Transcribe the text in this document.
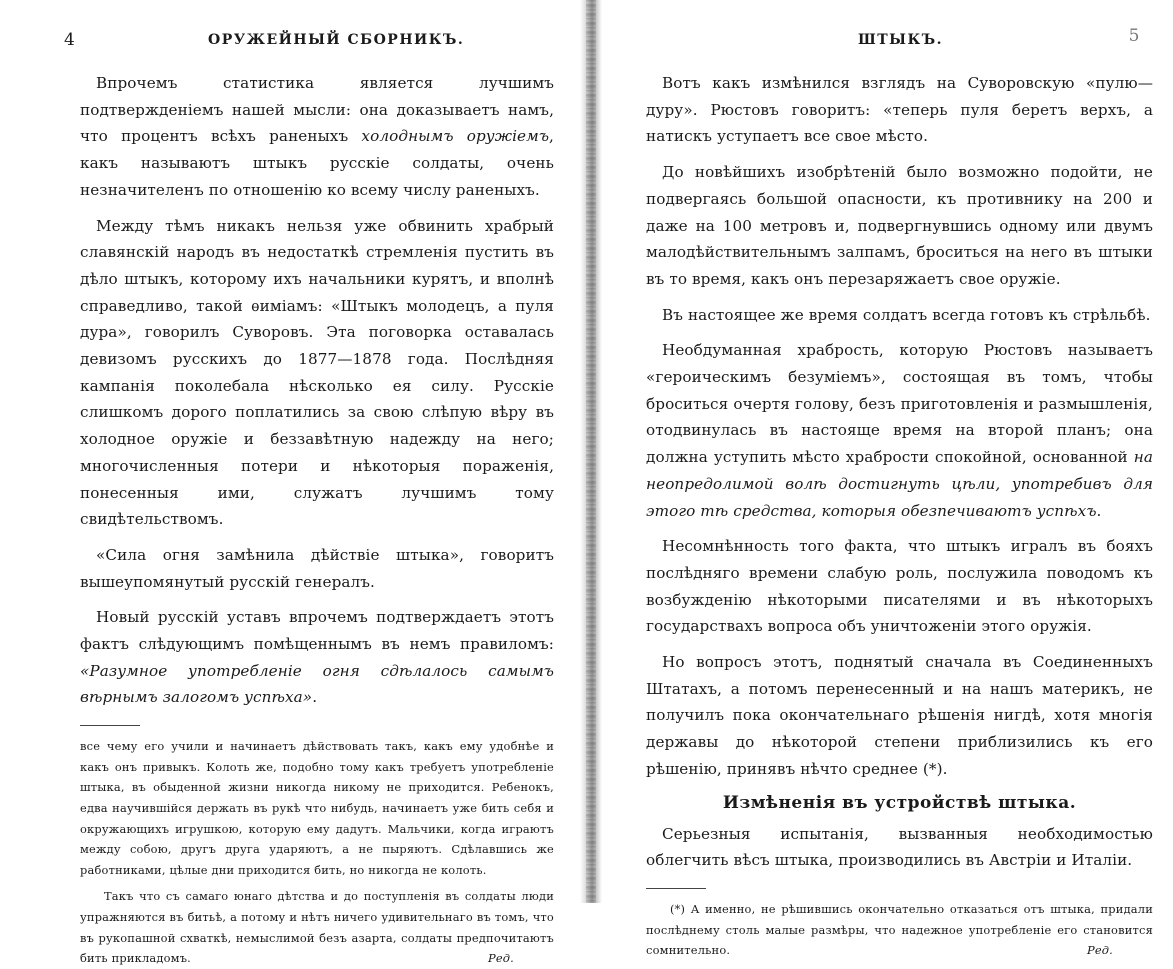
4	ОРУЖЕЙНЫЙ СБОРНИКЪ.

Впрочемъ статистика является лучшимъ подтвержденіемъ нашей мысли: она доказываетъ намъ, что процентъ всѣхъ раненыхъ холоднымъ оружіемъ, какъ называютъ штыкъ русскіе солдаты, очень незначителенъ по отношенію ко всему числу раненыхъ.

Между тѣмъ никакъ нельзя уже обвинить храбрый славянскій народъ въ недостаткѣ стремленія пустить въ дѣло штыкъ, которому ихъ начальники курятъ, и вполнѣ справедливо, такой ѳиміамъ: «Штыкъ молодецъ, а пуля дура», говорилъ Суворовъ. Эта поговорка оставалась девизомъ русскихъ до 1877—1878 года. Послѣдняя кампанія поколебала нѣсколько ея силу. Русскіе слишкомъ дорого поплатились за свою слѣпую вѣру въ холодное оружіе и беззавѣтную надежду на него; многочисленныя потери и нѣкоторыя пораженія, понесенныя ими, служатъ лучшимъ тому свидѣтельствомъ.

«Сила огня замѣнила дѣйствіе штыка», говоритъ вышеупомянутый русскій генералъ.

Новый русскій уставъ впрочемъ подтверждаетъ этотъ фактъ слѣдующимъ помѣщеннымъ въ немъ правиломъ: «Разумное употребленіе огня сдѣлалось самымъ вѣрнымъ залогомъ успѣха».

все чему его учили и начинаетъ дѣйствовать такъ, какъ ему удобнѣе и какъ онъ привыкъ. Колоть же, подобно тому какъ требуетъ употребленіе штыка, въ обыденной жизни никогда никому не приходится. Ребенокъ, едва научившійся держать въ рукѣ что нибудь, начинаетъ уже бить себя и окружающихъ игрушкою, которую ему дадутъ. Мальчики, когда играютъ между собою, другъ друга ударяютъ, а не пыряютъ. Сдѣлавшись же работниками, цѣлые дни приходится бить, но никогда не колоть.

Такъ что съ самаго юнаго дѣтства и до поступленія въ солдаты люди упражняются въ битьѣ, а потому и нѣтъ ничего удивительнаго въ томъ, что въ рукопашной схваткѣ, немыслимой безъ азарта, солдаты предпочитаютъ бить прикладомъ.	Ред.

ШТЫКЪ.	5

Вотъ какъ измѣнился взглядъ на Суворовскую «пулю—дуру». Рюстовъ говоритъ: «теперь пуля беретъ верхъ, а натискъ уступаетъ все свое мѣсто.

До новѣйшихъ изобрѣтеній было возможно подойти, не подвергаясь большой опасности, къ противнику на 200 и даже на 100 метровъ и, подвергнувшись одному или двумъ малодѣйствительнымъ залпамъ, броситься на него въ штыки въ то время, какъ онъ перезаряжаетъ свое оружіе.

Въ настоящее же время солдатъ всегда готовъ къ стрѣльбѣ.

Необдуманная храбрость, которую Рюстовъ называетъ «героическимъ безуміемъ», состоящая въ томъ, чтобы броситься очертя голову, безъ приготовленія и размышленія, отодвинулась въ настояще время на второй планъ; она должна уступить мѣсто храбрости спокойной, основанной на неопредолимой волѣ достигнуть цѣли, употребивъ для этого тѣ средства, которыя обезпечиваютъ успѣхъ.

Несомнѣнность того факта, что штыкъ игралъ въ бояхъ послѣдняго времени слабую роль, послужила поводомъ къ возбужденію нѣкоторыми писателями и въ нѣкоторыхъ государствахъ вопроса объ уничтоженіи этого оружія.

Но вопросъ этотъ, поднятый сначала въ Соединенныхъ Штатахъ, а потомъ перенесенный и на нашъ материкъ, не получилъ пока окончательнаго рѣшенія нигдѣ, хотя многія державы до нѣкоторой степени приблизились къ его рѣшенію, принявъ нѣчто среднее (*).

Измѣненія въ устройствѣ штыка.

Серьезныя испытанія, вызванныя необходимостью облегчить вѣсъ штыка, производились въ Австріи и Италіи.

(*) А именно, не рѣшившись окончательно отказаться отъ штыка, придали послѣднему столь малые размѣры, что надежное употребленіе его становится сомнительно.	Ред.
